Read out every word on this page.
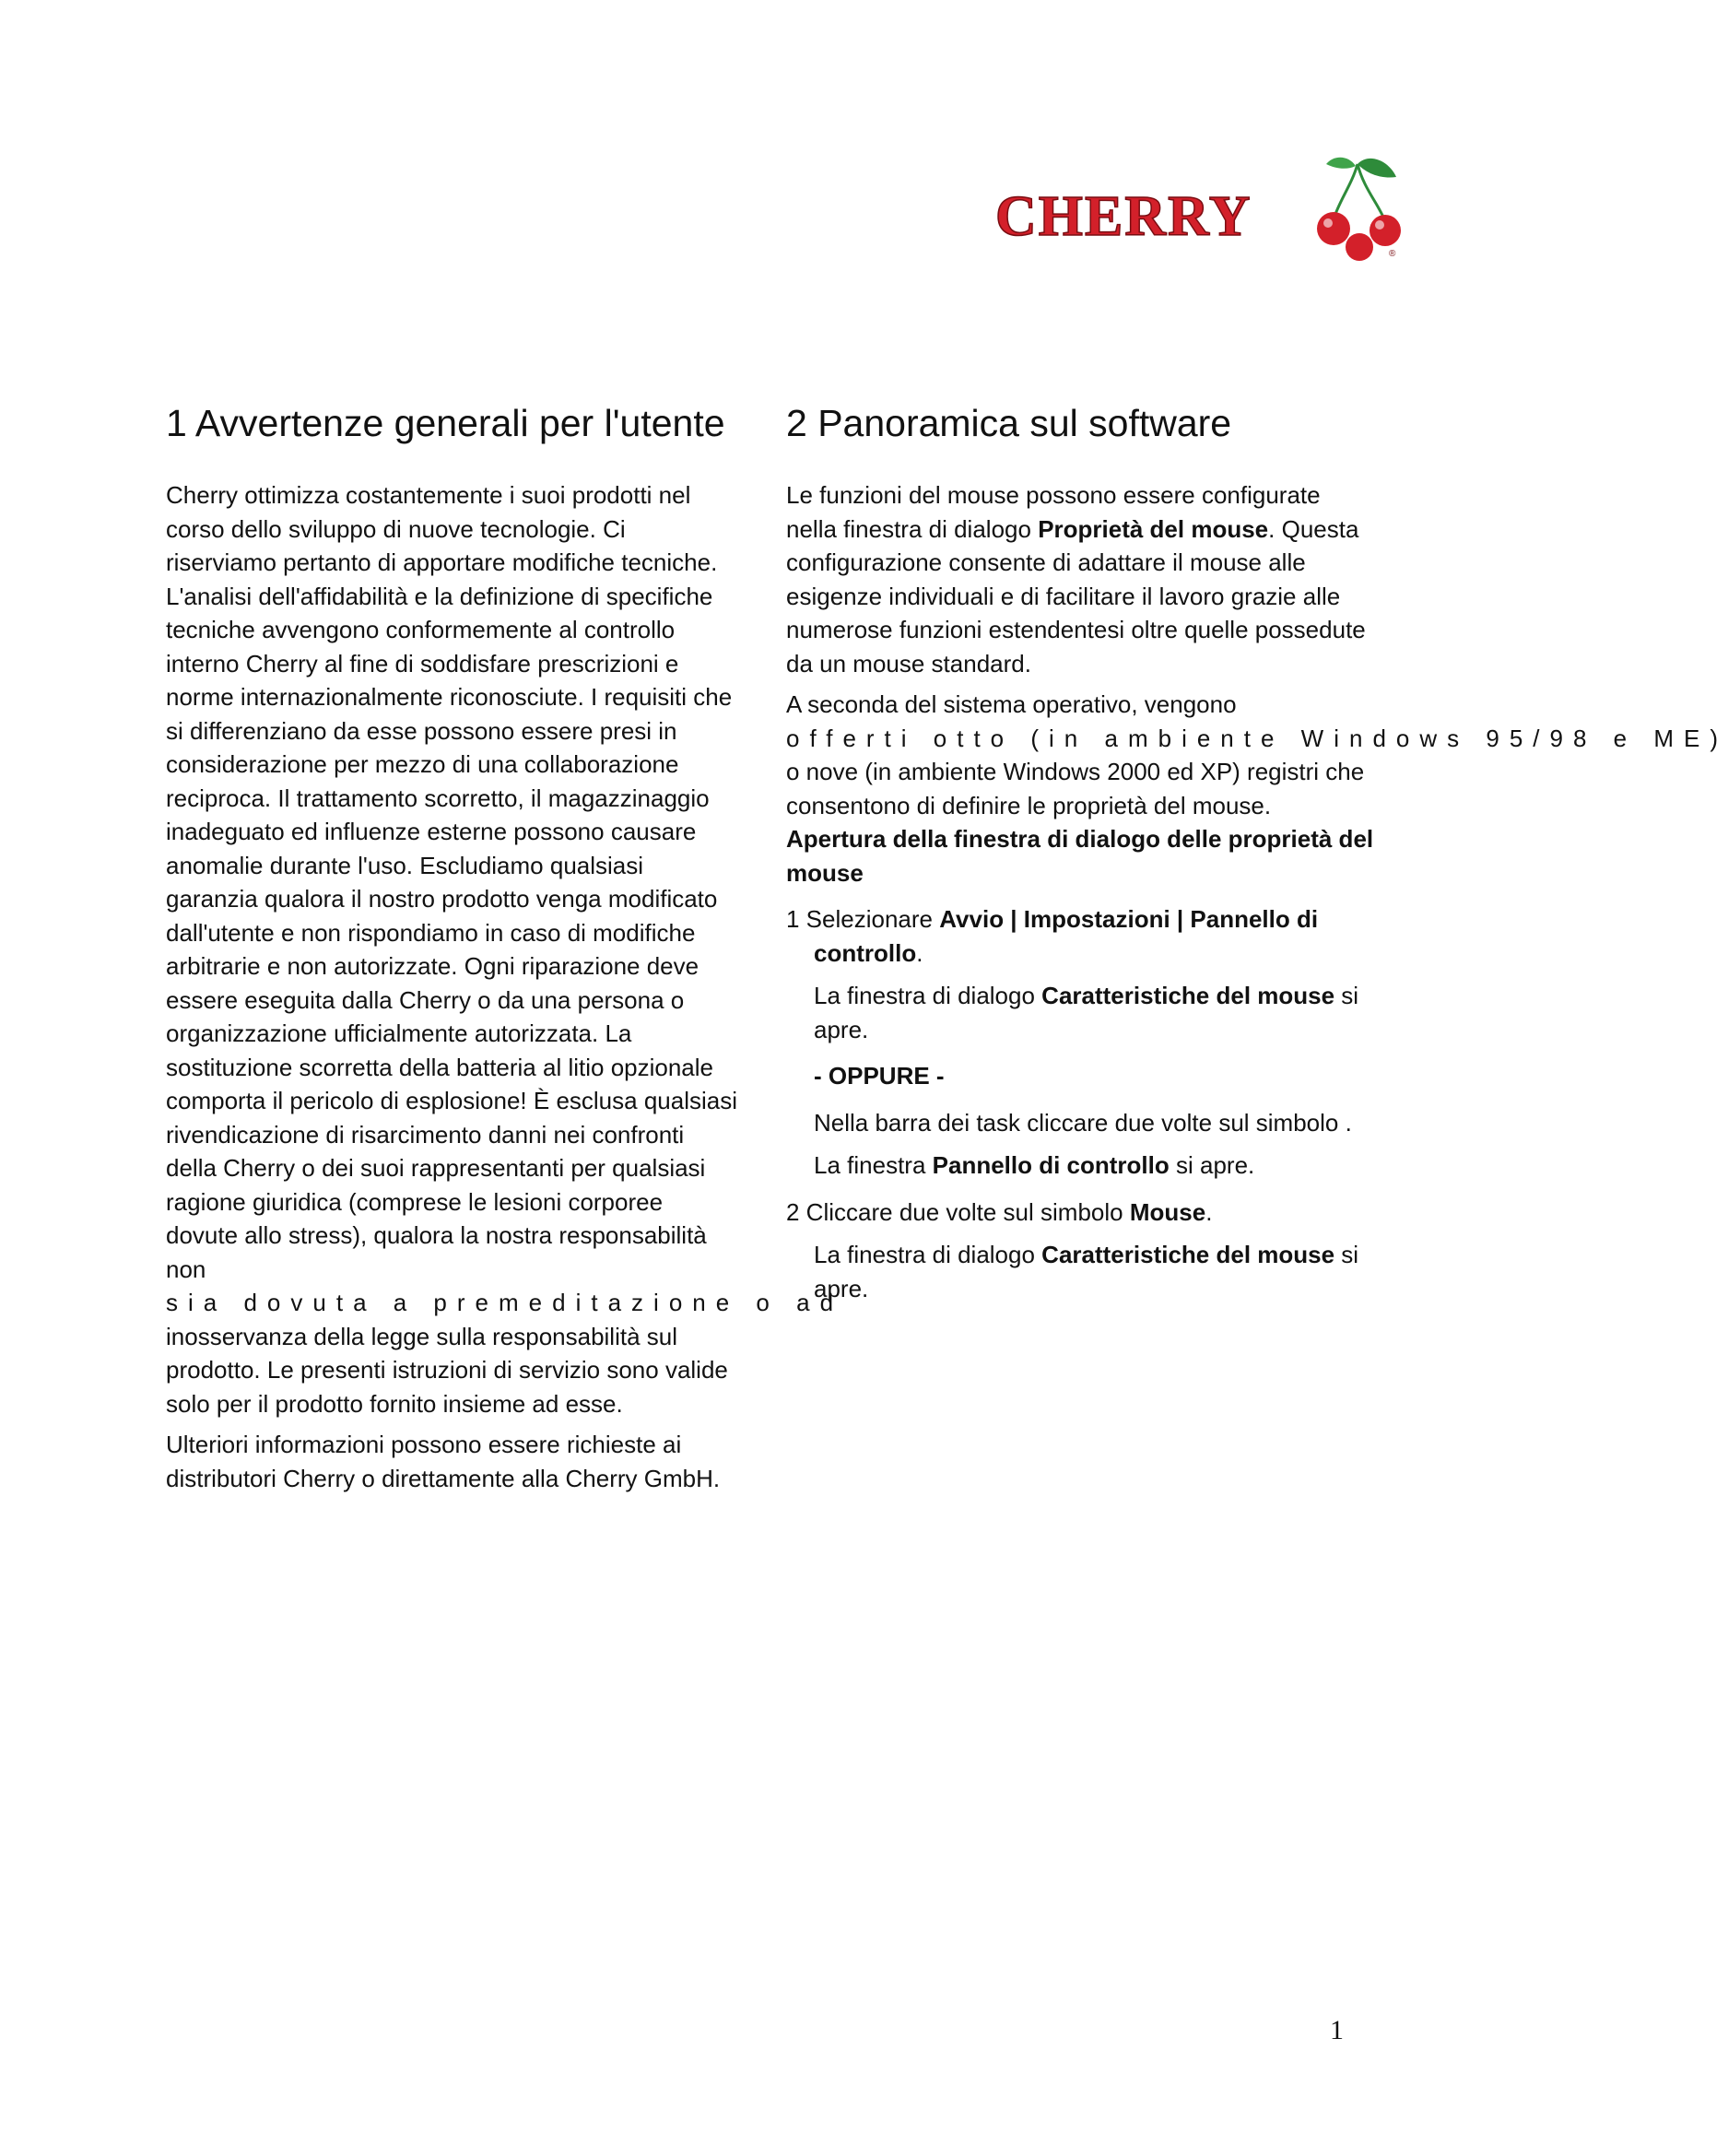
CHERRY
®
1 Avvertenze generali per l'utente

Cherry ottimizza costantemente i suoi prodotti nel corso dello sviluppo di nuove tecnologie. Ci riserviamo pertanto di apportare modifiche tecniche. L'analisi dell'affidabilità e la definizione di specifiche tecniche avvengono conformemente al controllo interno Cherry al fine di soddisfare prescrizioni e norme internazionalmente riconosciute. I requisiti che si differenziano da esse possono essere presi in considerazione per mezzo di una collaborazione reciproca. Il trattamento scorretto, il magazzinaggio inadeguato ed influenze esterne possono causare anomalie durante l'uso. Escludiamo qualsiasi garanzia qualora il nostro prodotto venga modificato dall'utente e non rispondiamo in caso di modifiche arbitrarie e non autorizzate. Ogni riparazione deve essere eseguita dalla Cherry o da una persona o organizzazione ufficialmente autorizzata. La sostituzione scorretta della batteria al litio opzionale comporta il pericolo di esplosione! È esclusa qualsiasi rivendicazione di risarcimento danni nei confronti della Cherry o dei suoi rappresentanti per qualsiasi ragione giuridica (comprese le lesioni corporee dovute allo stress), qualora la nostra responsabilità non sia dovuta a premeditazione o ad inosservanza della legge sulla responsabilità sul prodotto. Le presenti istruzioni di servizio sono valide solo per il prodotto fornito insieme ad esse.

Ulteriori informazioni possono essere richieste ai distributori Cherry o direttamente alla Cherry GmbH.

2 Panoramica sul software

Le funzioni del mouse possono essere configurate nella finestra di dialogo Proprietà del mouse. Questa configurazione consente di adattare il mouse alle esigenze individuali e di facilitare il lavoro grazie alle numerose funzioni estendentesi oltre quelle possedute da un mouse standard.

A seconda del sistema operativo, vengono
offerti otto (in ambiente Windows 95/98 e ME)
o nove (in ambiente Windows 2000 ed XP) registri che consentono di definire le proprietà del mouse.

Apertura della finestra di dialogo delle proprietà del mouse

1 Selezionare Avvio | Impostazioni | Pannello di controllo.

La finestra di dialogo Caratteristiche del mouse si apre.

- OPPURE -

Nella barra dei task cliccare due volte sul simbolo .

La finestra Pannello di controllo si apre.

2 Cliccare due volte sul simbolo Mouse.

La finestra di dialogo Caratteristiche del mouse si apre.

1
